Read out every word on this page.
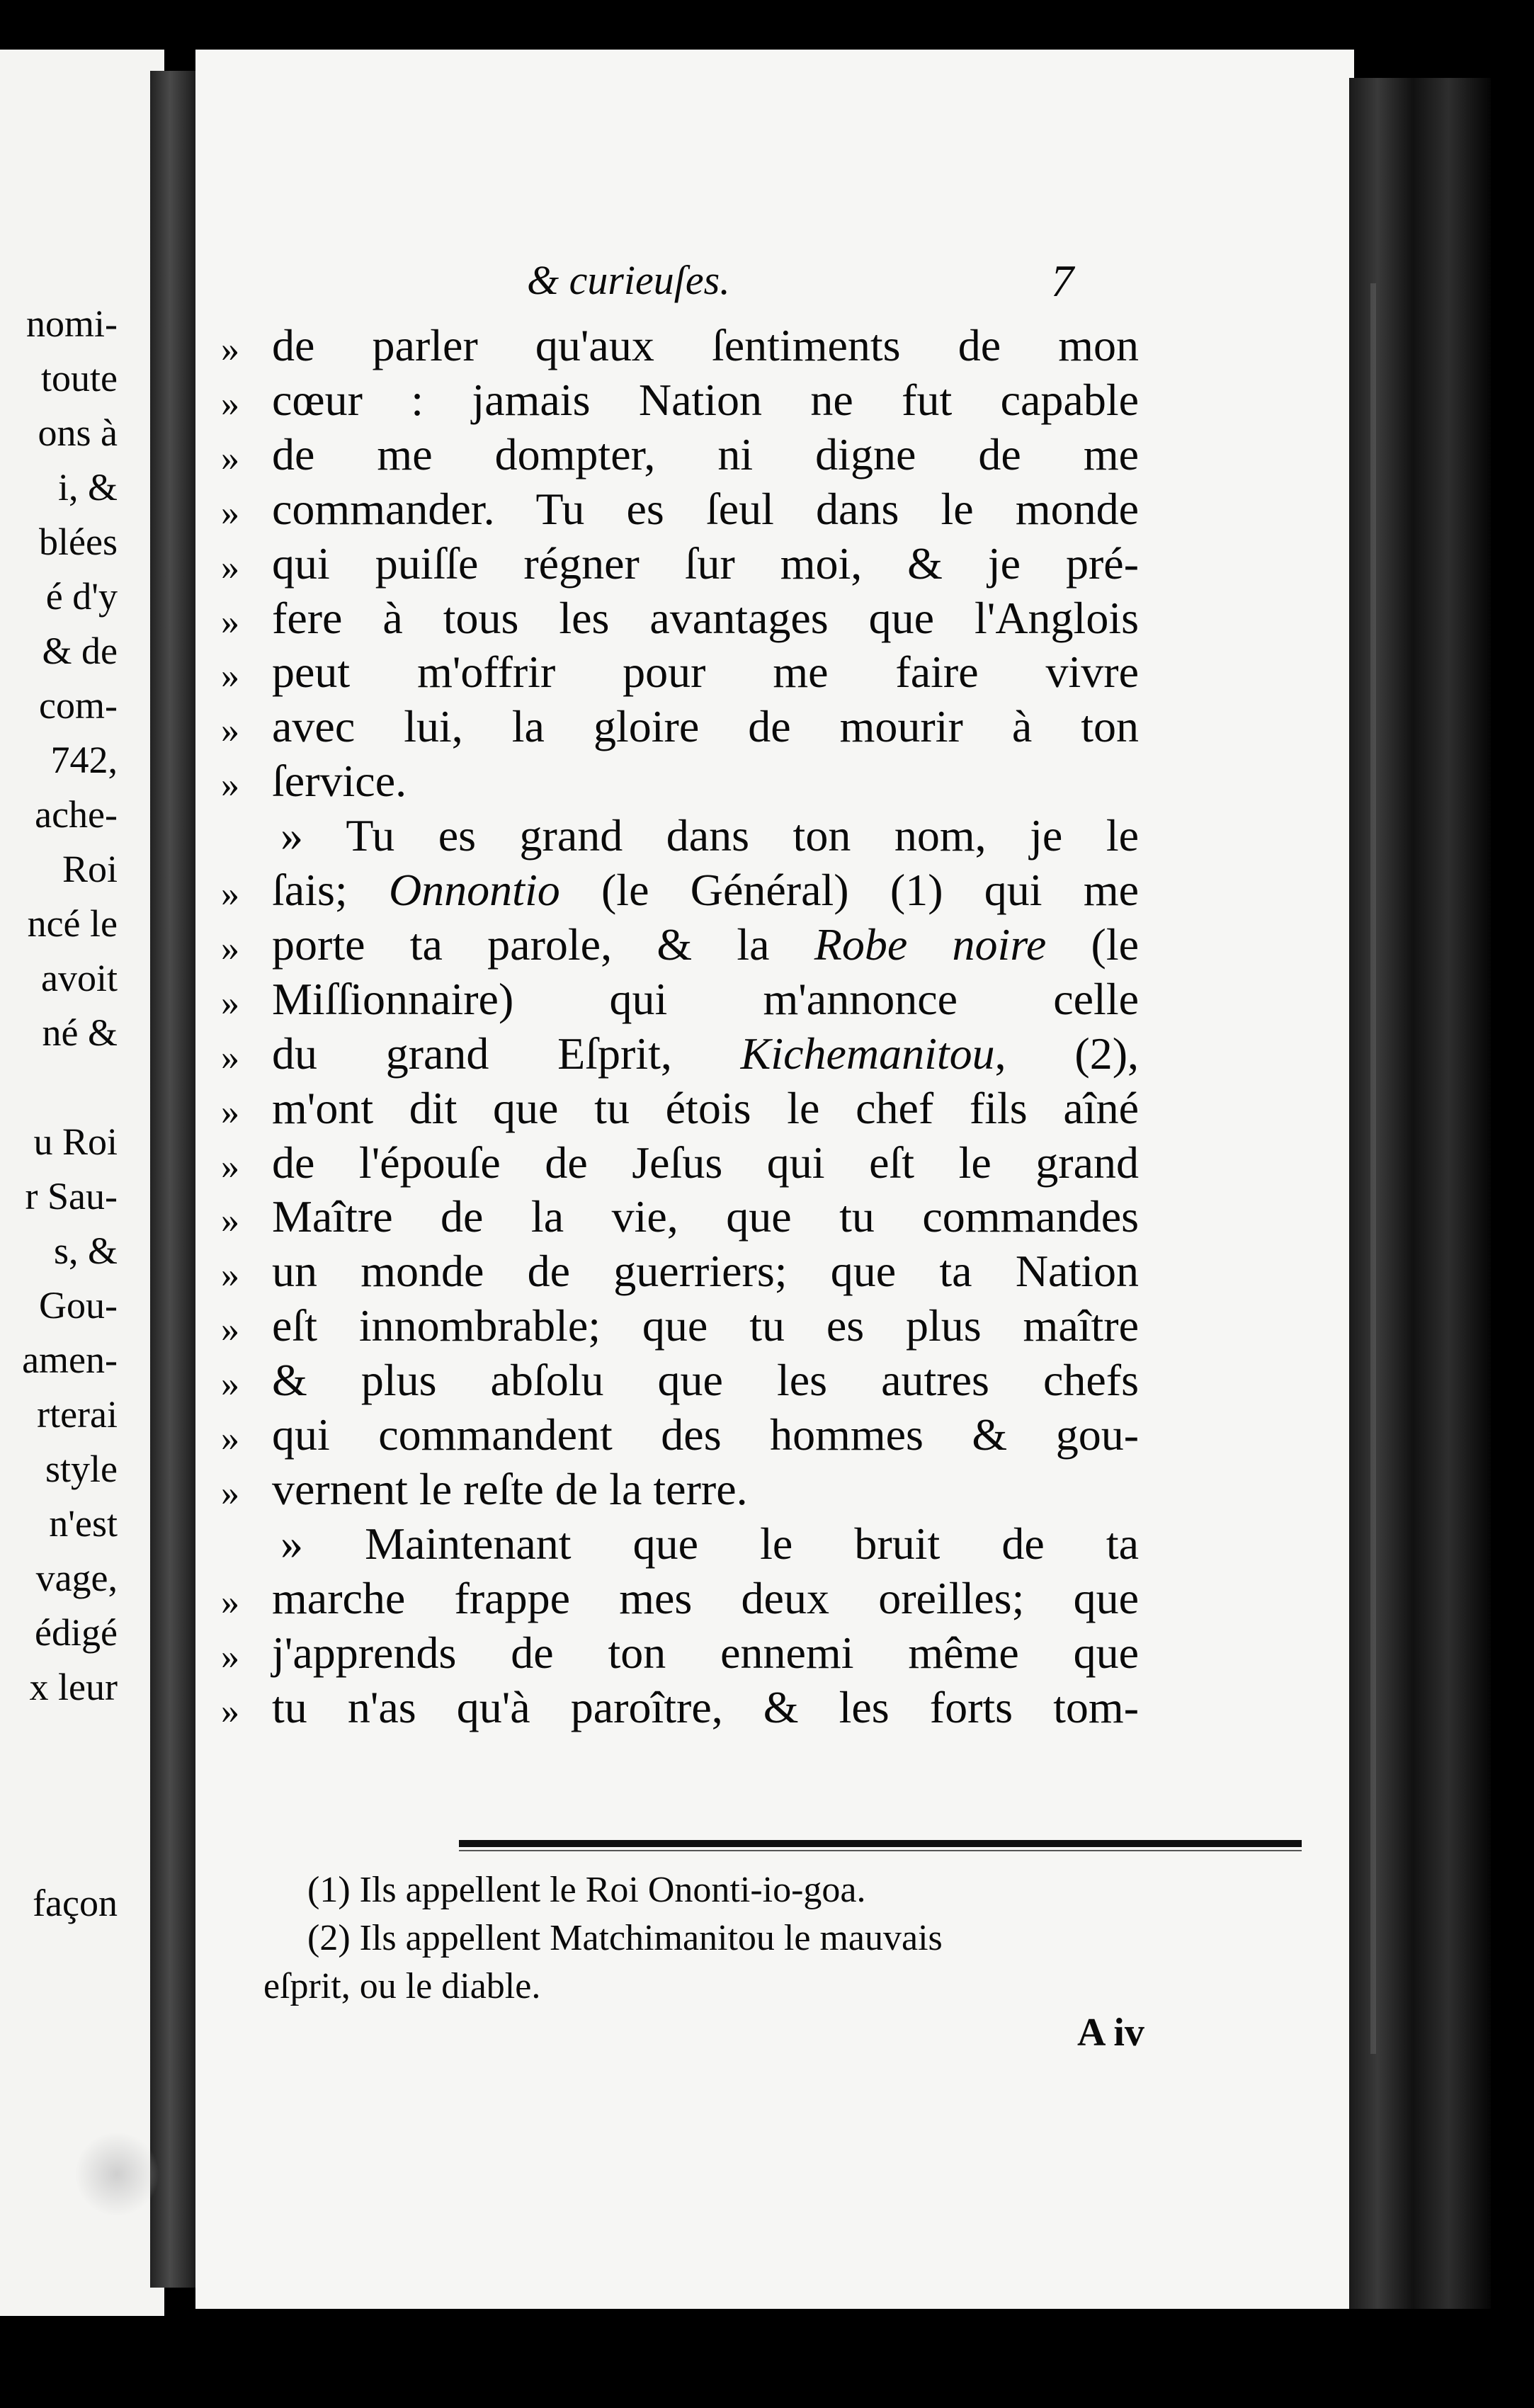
nomi-
toute
ons à
i, &
blées
é d'y
& de
com-
742,
ache-
Roi
ncé le
avoit
né &
u Roi
r Sau-
s, &
Gou-
amen-
rterai
style
n'est
vage,
édigé
x leur
façon
& curieuſes.	7
» de parler qu'aux ſentiments de mon
» cœur : jamais Nation ne fut capable
» de me dompter, ni digne de me
» commander. Tu es ſeul dans le monde
» qui puiſſe régner ſur moi, & je pré-
» fere à tous les avantages que l'Anglois
» peut m'offrir pour me faire vivre
» avec lui, la gloire de mourir à ton
» ſervice.
» Tu es grand dans ton nom, je le
» ſais; Onnontio (le Général) (1) qui me
» porte ta parole, & la Robe noire (le
» Miſſionnaire) qui m'annonce celle
» du grand Eſprit, Kichemanitou, (2),
» m'ont dit que tu étois le chef fils aîné
» de l'épouſe de Jeſus qui eſt le grand
» Maître de la vie, que tu commandes
» un monde de guerriers; que ta Nation
» eſt innombrable; que tu es plus maître
» & plus abſolu que les autres chefs
» qui commandent des hommes & gou-
» vernent le reſte de la terre.
» Maintenant que le bruit de ta
» marche frappe mes deux oreilles; que
» j'apprends de ton ennemi même que
» tu n'as qu'à paroître, & les forts tom-
(1) Ils appellent le Roi Ononti-io-goa.
(2) Ils appellent Matchimanitou le mauvais
eſprit, ou le diable.
A iv
